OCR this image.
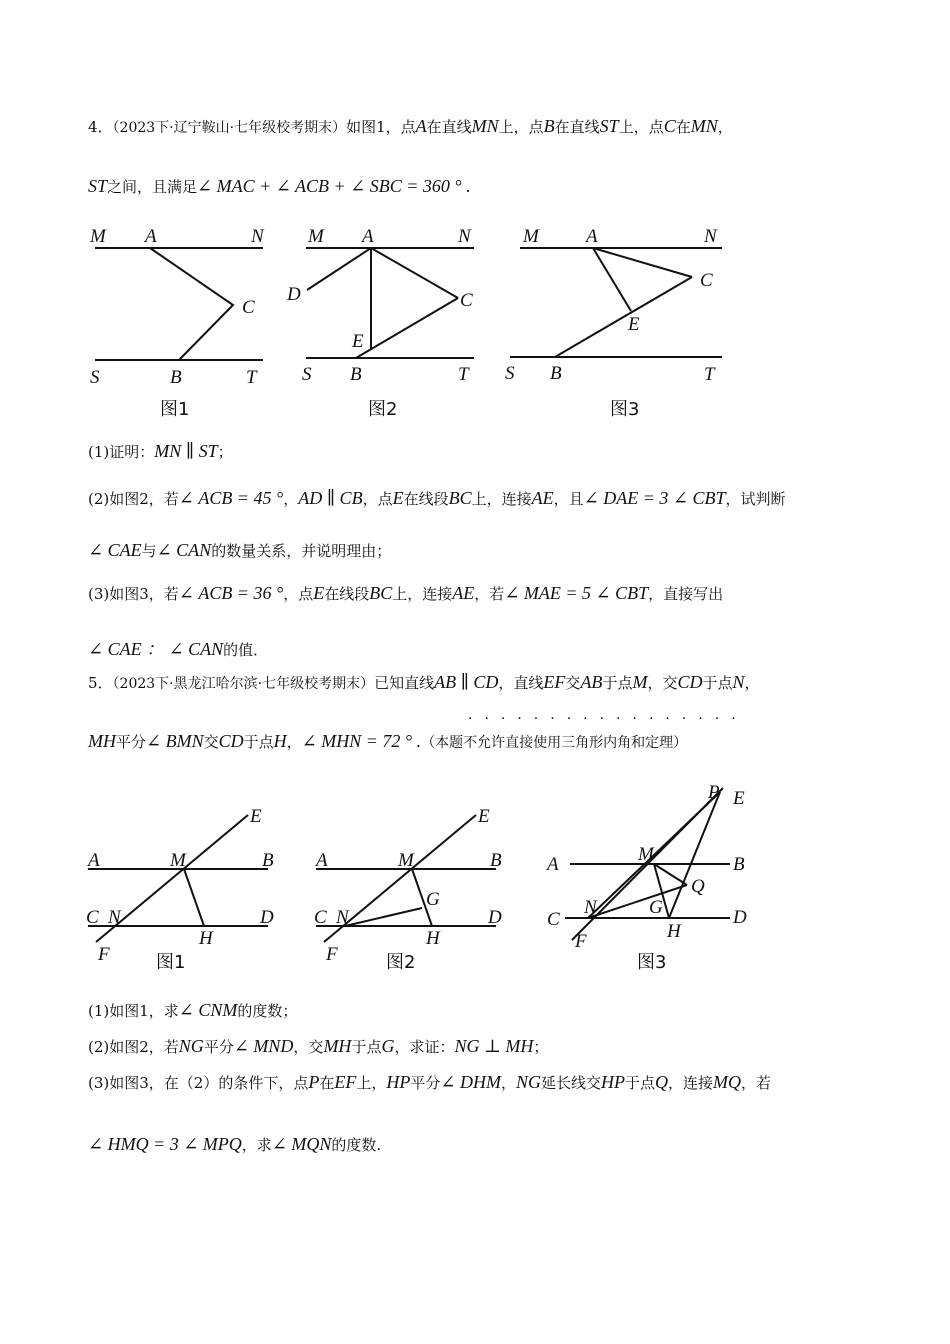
4．（2023下·辽宁鞍山·七年级校考期末）如图1，点A在直线MN上，点B在直线ST上，点C在MN，
ST之间，且满足∠ MAC + ∠ ACB + ∠ SBC = 360 ° .
M A	N
C
S	B	T
图1
M A	N
D	C
E
S B	T
图2
M A	N
C
E
S B	T
图3
(1)证明：MN ∥ ST；
(2)如图2，若∠ ACB = 45 °，AD ∥ CB，点E在线段BC上，连接AE，且∠ DAE = 3 ∠ CBT，试判断
∠ CAE与∠ CAN的数量关系，并说明理由；
(3)如图3，若∠ ACB = 36 °，点E在线段BC上，连接AE，若∠ MAE = 5 ∠ CBT，直接写出
∠ CAE ： ∠ CAN的值．
5．（2023下·黑龙江哈尔滨·七年级校考期末）已知直线AB ∥ CD，直线EF交AB于点M，交CD于点N，
·················
MH平分∠ BMN交CD于点H，∠ MHN = 72 ° .（本题不允许直接使用三角形内角和定理）
E
A	M	B
C N	D
H
F	图1
E
A	M	B
G
C N	D
H
F	图2
P E
A	M	B
Q
G
N
C	D
H
F
图3
(1)如图1，求∠ CNM的度数；
(2)如图2，若NG平分∠ MND，交MH于点G，求证：NG ⊥ MH；
(3)如图3，在（2）的条件下，点P在EF上，HP平分∠ DHM，NG延长线交HP于点Q，连接MQ，若
∠ HMQ = 3 ∠ MPQ，求∠ MQN的度数.
